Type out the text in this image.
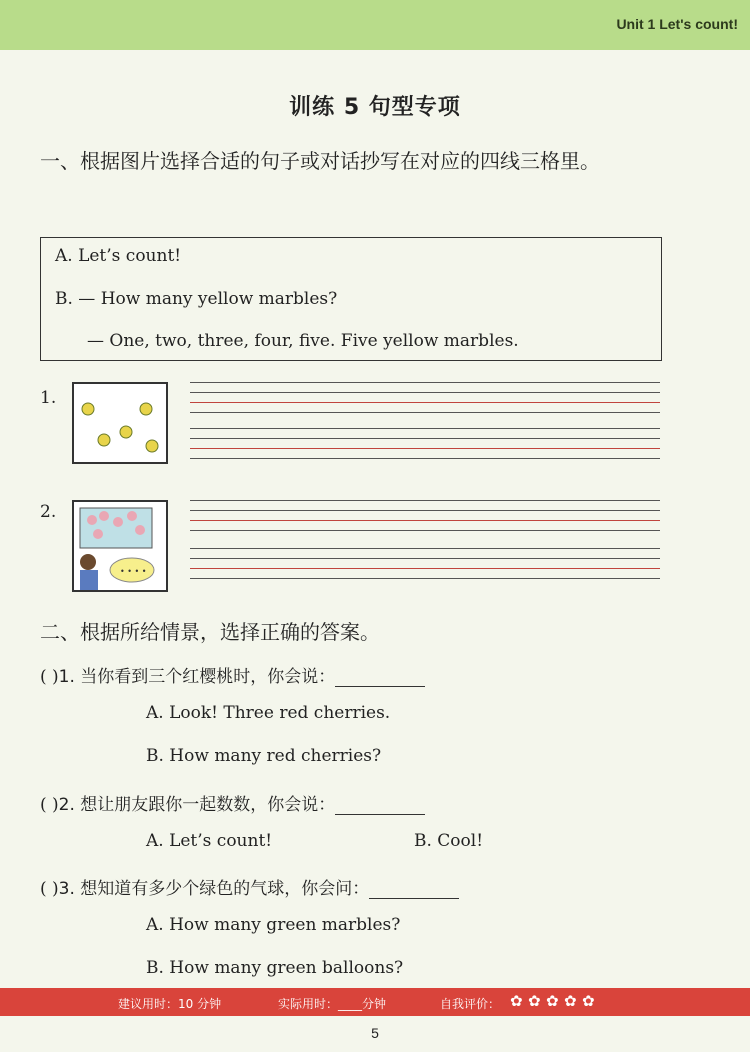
Unit 1 Let's count!
训练 5 句型专项
一、根据图片选择合适的句子或对话抄写在对应的四线三格里。
A. Let’s count!
B. — How many yellow marbles?
— One, two, three, four, five. Five yellow marbles.
1.
2.
• • • •
二、根据所给情景，选择正确的答案。
( )1. 当你看到三个红樱桃时，你会说：
A. Look! Three red cherries.
B. How many red cherries?
( )2. 想让朋友跟你一起数数，你会说：
A. Let’s count!	B. Cool!
( )3. 想知道有多少个绿色的气球，你会问：
A. How many green marbles?
B. How many green balloons?
建议用时：10 分钟	实际用时：____分钟	自我评价： ✿ ✿ ✿ ✿ ✿
5
